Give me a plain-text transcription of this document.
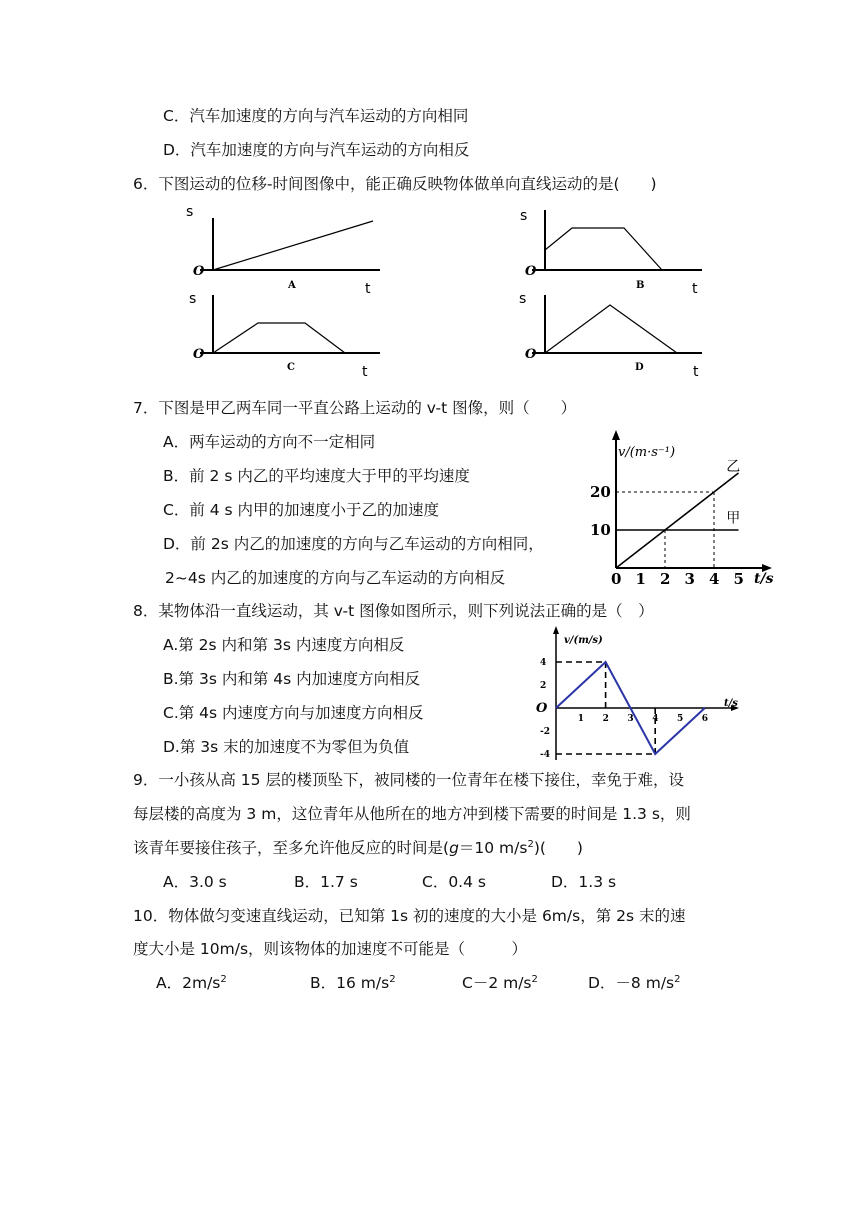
C．汽车加速度的方向与汽车运动的方向相同
D．汽车加速度的方向与汽车运动的方向相反
6．下图运动的位移-时间图像中，能正确反映物体做单向直线运动的是(　　)
s
O
A	t
s
O
B	t
s
O
C	t
s
O
D	t
7．下图是甲乙两车同一平直公路上运动的 v-t 图像，则（　　）
A．两车运动的方向不一定相同
B．前 2 s 内乙的平均速度大于甲的平均速度
C．前 4 s 内甲的加速度小于乙的加速度
D．前 2s 内乙的加速度的方向与乙车运动的方向相同，
2~4s 内乙的加速度的方向与乙车运动的方向相反
v/(m·s⁻¹)
t/s
乙
甲
0 1 2 3 4 5
10
20
8．某物体沿一直线运动，其 v-t 图像如图所示，则下列说法正确的是（　）
A.第 2s 内和第 3s 内速度方向相反
B.第 3s 内和第 4s 内加速度方向相反
C.第 4s 内速度方向与加速度方向相反
D.第 3s 末的加速度不为零但为负值
v/(m/s)
t/s
O
1 2 3 4 5 6
4
2
-2
-4
9．一小孩从高 15 层的楼顶坠下，被同楼的一位青年在楼下接住，幸免于难，设
每层楼的高度为 3 m，这位青年从他所在的地方冲到楼下需要的时间是 1.3 s，则
该青年要接住孩子，至多允许他反应的时间是(g＝10 $m/s^2$)(　　)
A．3.0 s	B．1.7 s	C．0.4 s	D．1.3 s
10．物体做匀变速直线运动，已知第 1s 初的速度的大小是 6m/s，第 2s 末的速
度大小是 10m/s，则该物体的加速度不可能是（　　　）
A．$2m/s^2$	B．16 $m/s^2$	C－2 $m/s^2$	D．－8 $m/s^2$
